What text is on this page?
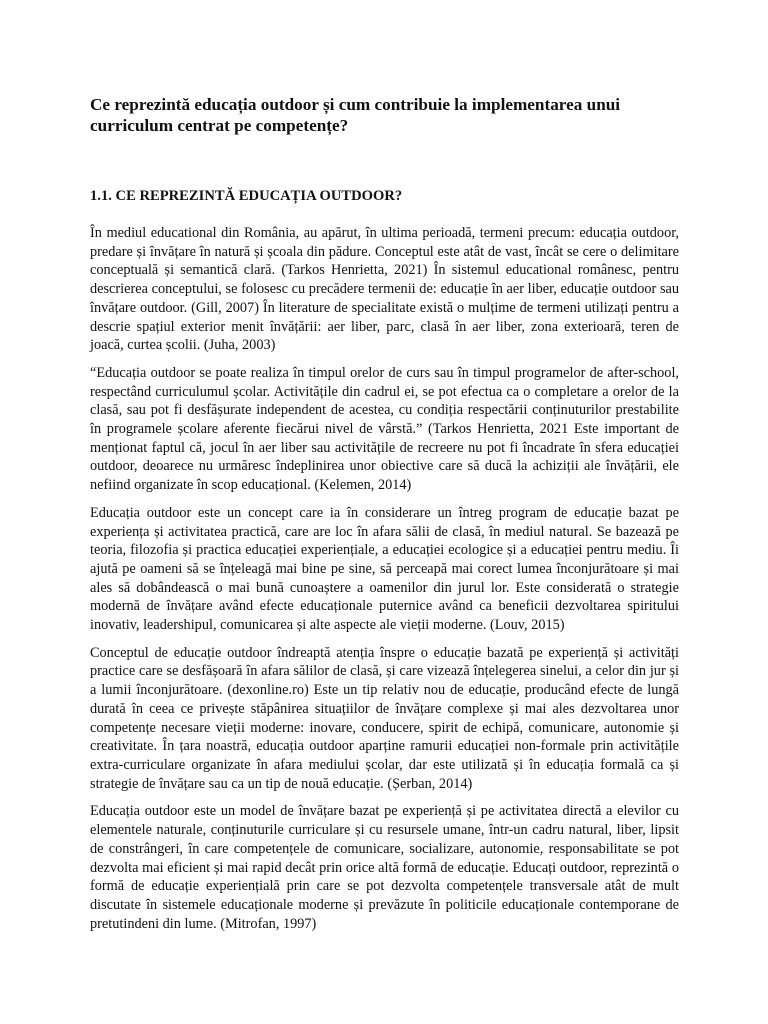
Ce reprezintă educația outdoor și cum contribuie la implementarea unui curriculum centrat pe competențe?
1.1. CE REPREZINTĂ EDUCAȚIA OUTDOOR?

În mediul educational din România, au apărut, în ultima perioadă, termeni precum: educația outdoor, predare și învățare în natură și școala din pădure. Conceptul este atât de vast, încât se cere o delimitare conceptuală și semantică clară. (Tarkos Henrietta, 2021) În sistemul educational românesc, pentru descrierea conceptului, se folosesc cu precădere termenii de: educație în aer liber, educație outdoor sau învățare outdoor. (Gill, 2007) În literature de specialitate există o mulțime de termeni utilizați pentru a descrie spațiul exterior menit învățării: aer liber, parc, clasă în aer liber, zona exterioară, teren de joacă, curtea școlii. (Juha, 2003)

“Educația outdoor se poate realiza în timpul orelor de curs sau în timpul programelor de after-school, respectând curriculumul școlar. Activitățile din cadrul ei, se pot efectua ca o completare a orelor de la clasă, sau pot fi desfășurate independent de acestea, cu condiția respectării conținuturilor prestabilite în programele școlare aferente fiecărui nivel de vârstă.” (Tarkos Henrietta, 2021 Este important de menționat faptul că, jocul în aer liber sau activitățile de recreere nu pot fi încadrate în sfera educației outdoor, deoarece nu urmăresc îndeplinirea unor obiective care să ducă la achiziții ale învățării, ele nefiind organizate în scop educațional. (Kelemen, 2014)

Educația outdoor este un concept care ia în considerare un întreg program de educație bazat pe experiența și activitatea practică, care are loc în afara sălii de clasă, în mediul natural. Se bazează pe teoria, filozofia și practica educației experiențiale, a educației ecologice și a educației pentru mediu. Îi ajută pe oameni să se înțeleagă mai bine pe sine, să perceapă mai corect lumea înconjurătoare și mai ales să dobândească o mai bună cunoaștere a oamenilor din jurul lor. Este considerată o strategie modernă de învățare având efecte educaționale puternice având ca beneficii dezvoltarea spiritului inovativ, leadershipul, comunicarea și alte aspecte ale vieții moderne. (Louv, 2015)

Conceptul de educație outdoor îndreaptă atenția înspre o educație bazată pe experiență și activități practice care se desfășoară în afara sălilor de clasă, și care vizează înțelegerea sinelui, a celor din jur și a lumii înconjurătoare. (dexonline.ro) Este un tip relativ nou de educație, producând efecte de lungă durată în ceea ce privește stăpânirea situațiilor de învățare complexe și mai ales dezvoltarea unor competențe necesare vieții moderne: inovare, conducere, spirit de echipă, comunicare, autonomie și creativitate. În țara noastră, educația outdoor aparține ramurii educației non-formale prin activitățile extra-curriculare organizate în afara mediului școlar, dar este utilizată și în educația formală ca și strategie de învățare sau ca un tip de nouă educație. (Șerban, 2014)

Educația outdoor este un model de învățare bazat pe experiență și pe activitatea directă a elevilor cu elementele naturale, conținuturile curriculare și cu resursele umane, într-un cadru natural, liber, lipsit de constrângeri, în care competențele de comunicare, socializare, autonomie, responsabilitate se pot dezvolta mai eficient și mai rapid decât prin orice altă formă de educație. Educați outdoor, reprezintă o formă de educație experiențială prin care se pot dezvolta competențele transversale atât de mult discutate în sistemele educaționale moderne și prevăzute în politicile educaționale contemporane de pretutindeni din lume. (Mitrofan, 1997)
